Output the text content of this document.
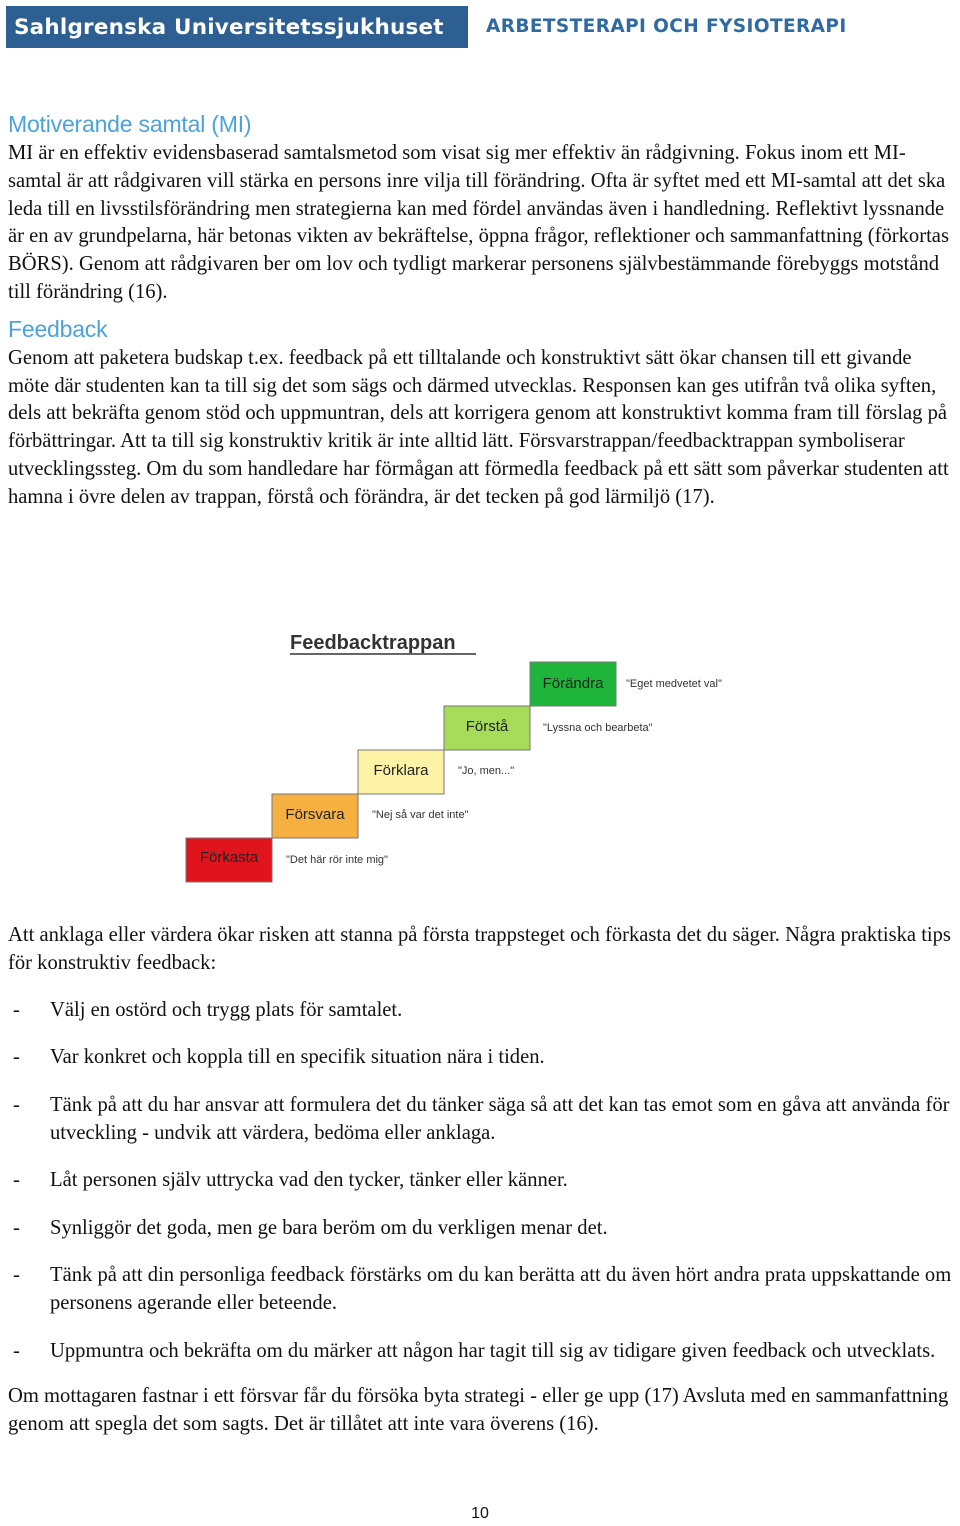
Sahlgrenska Universitetssjukhuset ARBETSTERAPI OCH FYSIOTERAPI
Motiverande samtal (MI)

MI är en effektiv evidensbaserad samtalsmetod som visat sig mer effektiv än rådgivning. Fokus inom ett MI-samtal är att rådgivaren vill stärka en persons inre vilja till förändring. Ofta är syftet med ett MI-samtal att det ska leda till en livsstilsförändring men strategierna kan med fördel användas även i handledning. Reflektivt lyssnande är en av grundpelarna, här betonas vikten av bekräftelse, öppna frågor, reflektioner och sammanfattning (förkortas BÖRS). Genom att rådgivaren ber om lov och tydligt markerar personens självbestämmande förebyggs motstånd till förändring (16).

Feedback

Genom att paketera budskap t.ex. feedback på ett tilltalande och konstruktivt sätt ökar chansen till ett givande möte där studenten kan ta till sig det som sägs och därmed utvecklas. Responsen kan ges utifrån två olika syften, dels att bekräfta genom stöd och uppmuntran, dels att korrigera genom att konstruktivt komma fram till förslag på förbättringar. Att ta till sig konstruktiv kritik är inte alltid lätt. Försvarstrappan/feedbacktrappan symboliserar utvecklingssteg. Om du som handledare har förmågan att förmedla feedback på ett sätt som påverkar studenten att hamna i övre delen av trappan, förstå och förändra, är det tecken på god lärmiljö (17).

Feedbacktrappan
Förkasta
Försvara
Förklara
Förstå
Förändra
"Det här rör inte mig"
"Nej så var det inte"
"Jo, men..."
"Lyssna och bearbeta"
"Eget medvetet val"

Att anklaga eller värdera ökar risken att stanna på första trappsteget och förkasta det du säger. Några praktiska tips för konstruktiv feedback:

- Välj en ostörd och trygg plats för samtalet.
- Var konkret och koppla till en specifik situation nära i tiden.
- Tänk på att du har ansvar att formulera det du tänker säga så att det kan tas emot som en gåva att använda för utveckling - undvik att värdera, bedöma eller anklaga.
- Låt personen själv uttrycka vad den tycker, tänker eller känner.
- Synliggör det goda, men ge bara beröm om du verkligen menar det.
- Tänk på att din personliga feedback förstärks om du kan berätta att du även hört andra prata uppskattande om personens agerande eller beteende.
- Uppmuntra och bekräfta om du märker att någon har tagit till sig av tidigare given feedback och utvecklats.

Om mottagaren fastnar i ett försvar får du försöka byta strategi - eller ge upp (17) Avsluta med en sammanfattning genom att spegla det som sagts. Det är tillåtet att inte vara överens (16).

10
